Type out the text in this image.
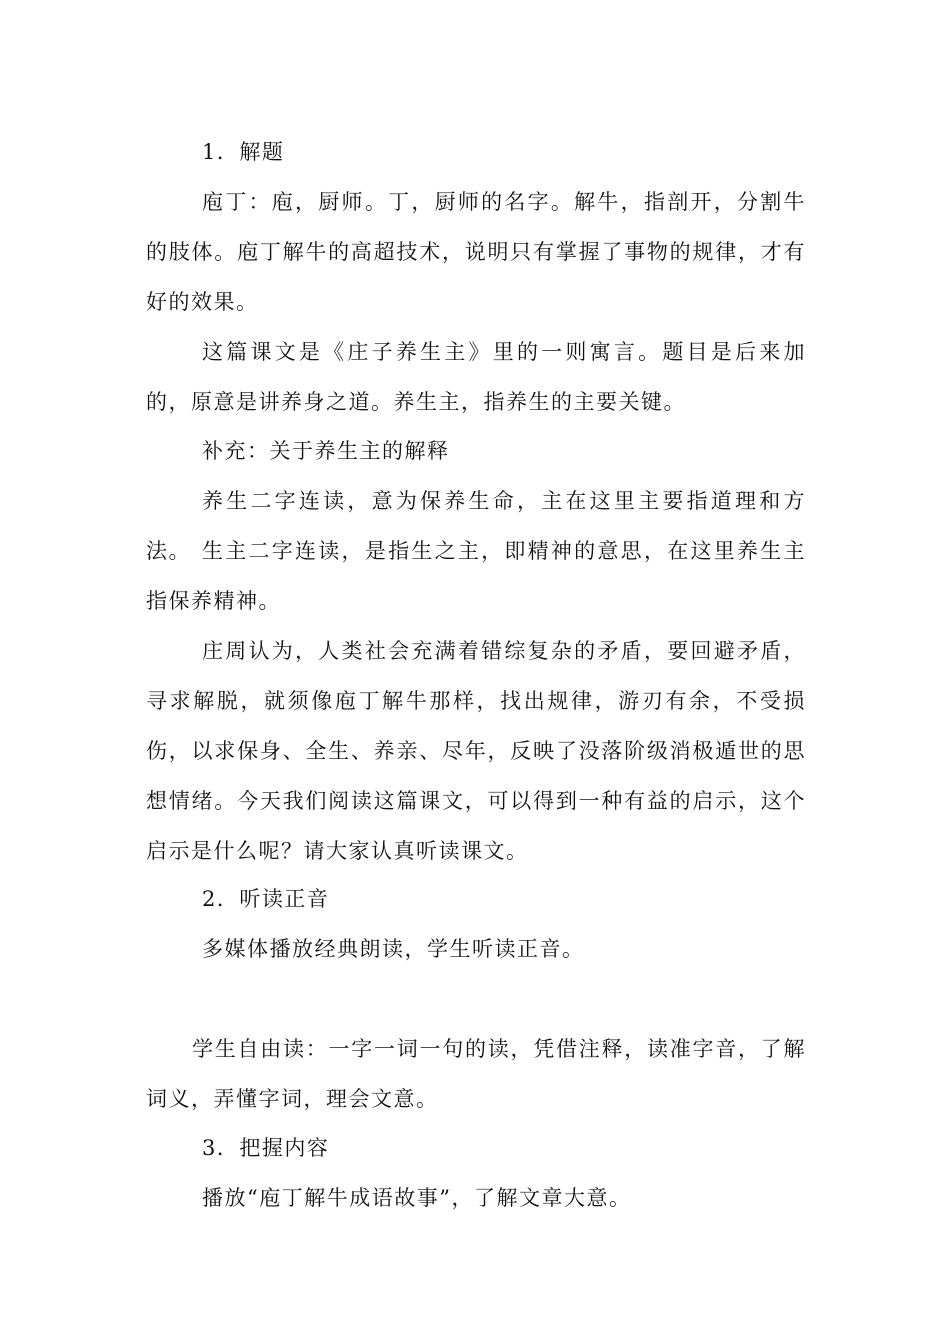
1．解题

庖丁：庖，厨师。丁，厨师的名字。解牛，指剖开，分割牛的肢体。庖丁解牛的高超技术，说明只有掌握了事物的规律，才有好的效果。

这篇课文是《庄子养生主》里的一则寓言。题目是后来加的，原意是讲养身之道。养生主，指养生的主要关键。

补充：关于养生主的解释

养生二字连读，意为保养生命，主在这里主要指道理和方法。 生主二字连读，是指生之主，即精神的意思，在这里养生主指保养精神。

庄周认为，人类社会充满着错综复杂的矛盾，要回避矛盾，寻求解脱，就须像庖丁解牛那样，找出规律，游刃有余，不受损伤，以求保身、全生、养亲、尽年，反映了没落阶级消极遁世的思想情绪。今天我们阅读这篇课文，可以得到一种有益的启示，这个启示是什么呢？请大家认真听读课文。

2．听读正音

多媒体播放经典朗读，学生听读正音。

学生自由读：一字一词一句的读，凭借注释，读准字音，了解词义，弄懂字词，理会文意。

3．把握内容

播放“庖丁解牛成语故事”，了解文章大意。
